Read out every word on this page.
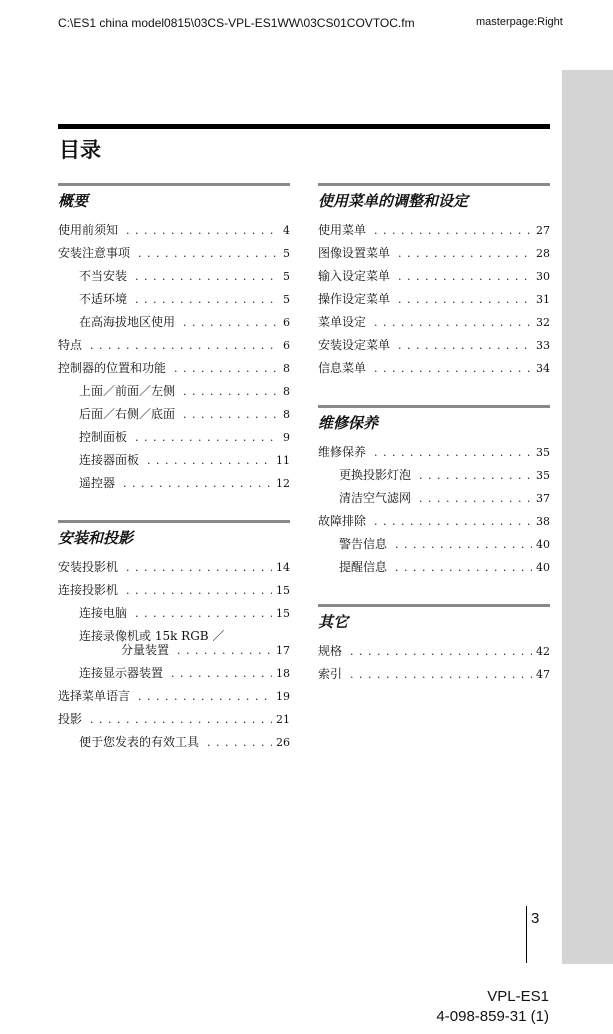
C:\ES1 china model0815\03CS-VPL-ES1WW\03CS01COVTOC.fm	masterpage:Right
目录
概要
使用前须知 . . .	4
安装注意事项 . . .	5
不当安装 . . .	5
不适环境 . . .	5
在高海拔地区使用 . . .	6
特点 . . .	6
控制器的位置和功能 . . .	8
上面／前面／左侧 . . .	8
后面／右侧／底面 . . .	8
控制面板 . . .	9
连接器面板 . . .	11
遥控器 . . .	12
安装和投影
安装投影机 . . .	14
连接投影机 . . .	15
连接电脑 . . .	15
连接录像机或 15k RGB ／
分量装置 . . .	17
连接显示器装置 . . .	18
选择菜单语言 . . .	19
投影 . . .	21
便于您发表的有效工具 . . .	26
使用菜单的调整和设定
使用菜单 . . .	27
图像设置菜单 . . .	28
输入设定菜单 . . .	30
操作设定菜单 . . .	31
菜单设定 . . .	32
安装设定菜单 . . .	33
信息菜单 . . .	34
维修保养
维修保养 . . .	35
更换投影灯泡 . . .	35
清洁空气滤网 . . .	37
故障排除 . . .	38
警告信息 . . .	40
提醒信息 . . .	40
其它
规格 . . .	42
索引 . . .	47
3
VPL-ES1
4-098-859-31 (1)
